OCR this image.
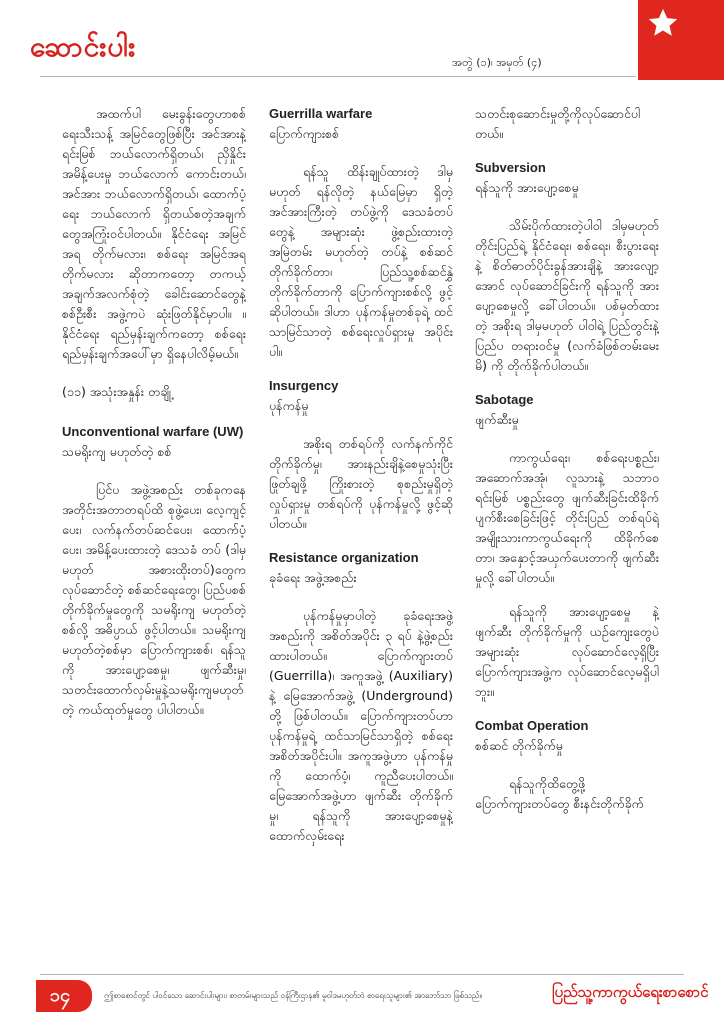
ဆောင်းပါး	အတွဲ (၁)၊ အမှတ် (၄)

အထက်ပါ မေးခွန်းတွေဟာစစ်ရေးသီးသန့် အမြင်တွေဖြစ်ပြီး အင်အားနဲ့ ရင်းမြစ် ဘယ်လောက်ရှိတယ်၊ ညှိနှိုင်း အမိန့်ပေးမှု ဘယ်လောက် ကောင်းတယ်၊ အင်အား ဘယ်လောက်ရှိတယ်၊ ထောက်ပံ့ရေး ဘယ်လောက် ရှိတယ်စတဲ့အချက်တွေအကြုံးဝင်ပါတယ်။ နိုင်ငံရေး အမြင်အရ တိုက်မလား၊ စစ်ရေး အမြင်အရ တိုက်မလား ဆိုတာကတော့ တကယ့်အချက်အလက်စုံတဲ့ ခေါင်းဆောင်တွေနဲ့ စစ်ဦးစီး အဖွဲ့ကပဲ ဆုံးဖြတ်နိုင်မှာပါ။ ။ နိုင်ငံရေး ရည်မှန်းချက်ကတော့ စစ်ရေး ရည်မှန်းချက်အပေါ်မှာ ရှိနေပါလိမ့်မယ်။

(၁၁) အသုံးအနှုန်း တချို့

Unconventional warfare (UW)

သမရိုးကျ မဟုတ်တဲ့ စစ်

ပြင်ပ အဖွဲ့အစည်း တစ်ခုကနေ အတိုင်းအတာတရပ်ထိ စုဖွဲ့ပေး၊ လေ့ကျင့်ပေး၊ လက်နက်တပ်ဆင်ပေး၊ ထောက်ပံ့ပေး၊ အမိန့်ပေးထားတဲ့ ဒေသခံ တပ် (ဒါမှ မဟုတ် အစားထိုးတပ်)တွေက လုပ်ဆောင်တဲ့ စစ်ဆင်ရေးတွေ၊ ပြည်ပစစ် တိုက်ခိုက်မှုတွေကို သမရိုးကျ မဟုတ်တဲ့စစ်လို့ အဓိပ္ပာယ် ဖွင့်ပါတယ်။ သမရိုးကျ မဟုတ်တဲ့စစ်မှာ ပြောက်ကျားစစ်၊ ရန်သူကို အားပျော့စေမှု၊ ဖျက်ဆီးမှု၊ သတင်းထောက်လှမ်းမှုနဲ့သမရိုးကျမဟုတ်တဲ့ ကယ်ထုတ်မှုတွေ ပါပါတယ်။

Guerrilla warfare

ပြောက်ကျားစစ်

ရန်သူ ထိန်းချုပ်ထားတဲ့ ဒါမှမဟုတ် ရန်လိုတဲ့ နယ်မြေမှာ ရှိတဲ့ အင်အားကြီးတဲ့ တပ်ဖွဲ့ကို ဒေသခံတပ်တွေနဲ့ အများဆုံး ဖွဲ့စည်းထားတဲ့ အမြဲတမ်း မဟုတ်တဲ့ တပ်နဲ့ စစ်ဆင်တိုက်ခိုက်တာ၊ ပြည်သူ့စစ်ဆင်နွှဲ တိုက်ခိုက်တာကို ပြောက်ကျားစစ်လို့ ဖွင့်ဆိုပါတယ်။ ဒါဟာ ပုန်ကန်မှုတစ်ခုရဲ့ ထင်သာမြင်သာတဲ့ စစ်ရေးလှုပ်ရှားမှု အပိုင်းပါ။

Insurgency

ပုန်ကန်မှု

အစိုးရ တစ်ရပ်ကို လက်နက်ကိုင် တိုက်ခိုက်မှု၊ အားနည်းချိနဲ့စေမှုသုံးပြီး ဖြုတ်ချဖို့ ကြိုးစားတဲ့ စုစည်းမှုရှိတဲ့ လှုပ်ရှားမှု တစ်ရပ်ကို ပုန်ကန်မှုလို့ ဖွင့်ဆိုပါတယ်။

Resistance organization

ခုခံရေး အဖွဲ့အစည်း

ပုန်ကန်မှုမှာပါတဲ့ ခုခံရေးအဖွဲ့အစည်းကို အစိတ်အပိုင်း ၃ ရပ် နဲ့ဖွဲ့စည်းထားပါတယ်။ ပြောက်ကျားတပ် (Guerrilla)၊ အကူအဖွဲ့ (Auxiliary) နဲ့ မြေအောက်အဖွဲ့ (Underground) တို့ ဖြစ်ပါတယ်။ ပြောက်ကျားတပ်ဟာ ပုန်ကန်မှုရဲ့ ထင်သာမြင်သာရှိတဲ့ စစ်ရေး အစိတ်အပိုင်းပါ။ အကူအဖွဲ့ဟာ ပုန်ကန်မှုကို ထောက်ပံ့၊ ကူညီပေးပါတယ်။ မြေအောက်အဖွဲ့ဟာ ဖျက်ဆီး တိုက်ခိုက်မှု၊ ရန်သူကို အားပျော့စေမှုနဲ့ ထောက်လှမ်းရေး

သတင်းစုဆောင်းမှုတို့ကိုလုပ်ဆောင်ပါတယ်။

Subversion

ရန်သူကို အားပျော့စေမှု

သိမ်းပိုက်ထားတဲ့ပါဝါ ဒါမှမဟုတ် တိုင်းပြည်ရဲ့ နိုင်ငံရေး၊ စစ်ရေး၊ စီးပွားရေးနဲ့ စိတ်ဓာတ်ပိုင်းခွန်အားချိနဲ့ အားလျော့အောင် လုပ်ဆောင်ခြင်းကို ရန်သူကို အားပျော့စေမှုလို့ ခေါ်ပါတယ်။ ပစ်မှတ်ထားတဲ့ အစိုးရ ဒါမှမဟုတ် ပါဝါရဲ့ ပြည်တွင်းနဲ့ ပြည်ပ တရားဝင်မှု (လက်ခံဖြစ်တမ်းမေးမိ) ကို တိုက်ခိုက်ပါတယ်။

Sabotage

ဖျက်ဆီးမှု

ကာကွယ်ရေး၊ စစ်ရေးပစ္စည်း၊ အဆောက်အအုံ၊ လူသားနဲ့ သဘာဝ ရင်းမြစ် ပစ္စည်းတွေ ဖျက်ဆီးခြင်းထိခိုက် ပျက်စီးစေခြင်းဖြင့် တိုင်းပြည် တစ်ရပ်ရဲ့ အမျိုးသားကာကွယ်ရေးကို ထိခိုက်စေတာ၊ အနှောင့်အယှက်ပေးတာကို ဖျက်ဆီးမှုလို့ ခေါ်ပါတယ်။

ရန်သူကို အားပျော့စေမှု နဲ့ ဖျက်ဆီး တိုက်ခိုက်မှုကို ယဉ်ကျေးတွေပဲ အများဆုံး လုပ်ဆောင်လေ့ရှိပြီး ပြောက်ကျားအဖွဲ့က လုပ်ဆောင်လေ့မရှိပါဘူး။

Combat Operation

စစ်ဆင် တိုက်ခိုက်မှု

ရန်သူကိုထိတွေ့ဖို့ပြောက်ကျားတပ်တွေ စီးနင်းတိုက်ခိုက်

၁၄	ဤစာစောင်တွင် ပါဝင်သော ဆောင်းပါးများ၊ စာတမ်းများသည် ဝန်ကြီးဌာန၏ မူဝါဒမဟုတ်ဘဲ စာရေးသူများ၏ အာဘော်သာ ဖြစ်သည်။	ပြည်သူ့ကာကွယ်ရေးစာစောင်
